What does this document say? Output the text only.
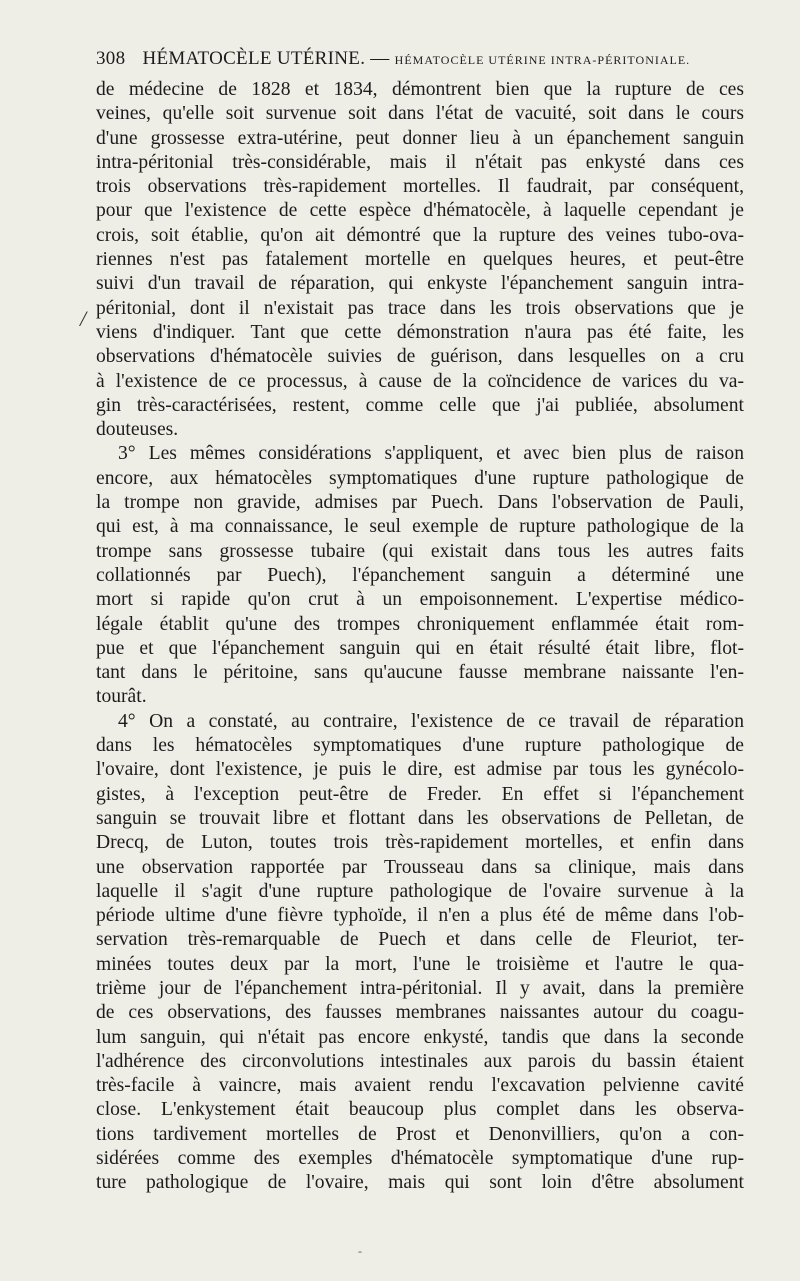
308 HÉMATOCÈLE UTÉRINE. — HÉMATOCÈLE UTÉRINE INTRA-PÉRITONIALE.
/
de médecine de 1828 et 1834, démontrent bien que la rupture de ces
veines, qu'elle soit survenue soit dans l'état de vacuité, soit dans le cours
d'une grossesse extra-utérine, peut donner lieu à un épanchement sanguin
intra-péritonial très-considérable, mais il n'était pas enkysté dans ces
trois observations très-rapidement mortelles. Il faudrait, par conséquent,
pour que l'existence de cette espèce d'hématocèle, à laquelle cependant je
crois, soit établie, qu'on ait démontré que la rupture des veines tubo-ova-
riennes n'est pas fatalement mortelle en quelques heures, et peut-être
suivi d'un travail de réparation, qui enkyste l'épanchement sanguin intra-
péritonial, dont il n'existait pas trace dans les trois observations que je
viens d'indiquer. Tant que cette démonstration n'aura pas été faite, les
observations d'hématocèle suivies de guérison, dans lesquelles on a cru
à l'existence de ce processus, à cause de la coïncidence de varices du va-
gin très-caractérisées, restent, comme celle que j'ai publiée, absolument
douteuses.
3° Les mêmes considérations s'appliquent, et avec bien plus de raison
encore, aux hématocèles symptomatiques d'une rupture pathologique de
la trompe non gravide, admises par Puech. Dans l'observation de Pauli,
qui est, à ma connaissance, le seul exemple de rupture pathologique de la
trompe sans grossesse tubaire (qui existait dans tous les autres faits
collationnés par Puech), l'épanchement sanguin a déterminé une
mort si rapide qu'on crut à un empoisonnement. L'expertise médico-
légale établit qu'une des trompes chroniquement enflammée était rom-
pue et que l'épanchement sanguin qui en était résulté était libre, flot-
tant dans le péritoine, sans qu'aucune fausse membrane naissante l'en-
tourât.
4° On a constaté, au contraire, l'existence de ce travail de réparation
dans les hématocèles symptomatiques d'une rupture pathologique de
l'ovaire, dont l'existence, je puis le dire, est admise par tous les gynécolo-
gistes, à l'exception peut-être de Freder. En effet si l'épanchement
sanguin se trouvait libre et flottant dans les observations de Pelletan, de
Drecq, de Luton, toutes trois très-rapidement mortelles, et enfin dans
une observation rapportée par Trousseau dans sa clinique, mais dans
laquelle il s'agit d'une rupture pathologique de l'ovaire survenue à la
période ultime d'une fièvre typhoïde, il n'en a plus été de même dans l'ob-
servation très-remarquable de Puech et dans celle de Fleuriot, ter-
minées toutes deux par la mort, l'une le troisième et l'autre le qua-
trième jour de l'épanchement intra-péritonial. Il y avait, dans la première
de ces observations, des fausses membranes naissantes autour du coagu-
lum sanguin, qui n'était pas encore enkysté, tandis que dans la seconde
l'adhérence des circonvolutions intestinales aux parois du bassin étaient
très-facile à vaincre, mais avaient rendu l'excavation pelvienne cavité
close. L'enkystement était beaucoup plus complet dans les observa-
tions tardivement mortelles de Prost et Denonvilliers, qu'on a con-
sidérées comme des exemples d'hématocèle symptomatique d'une rup-
ture pathologique de l'ovaire, mais qui sont loin d'être absolument
-
